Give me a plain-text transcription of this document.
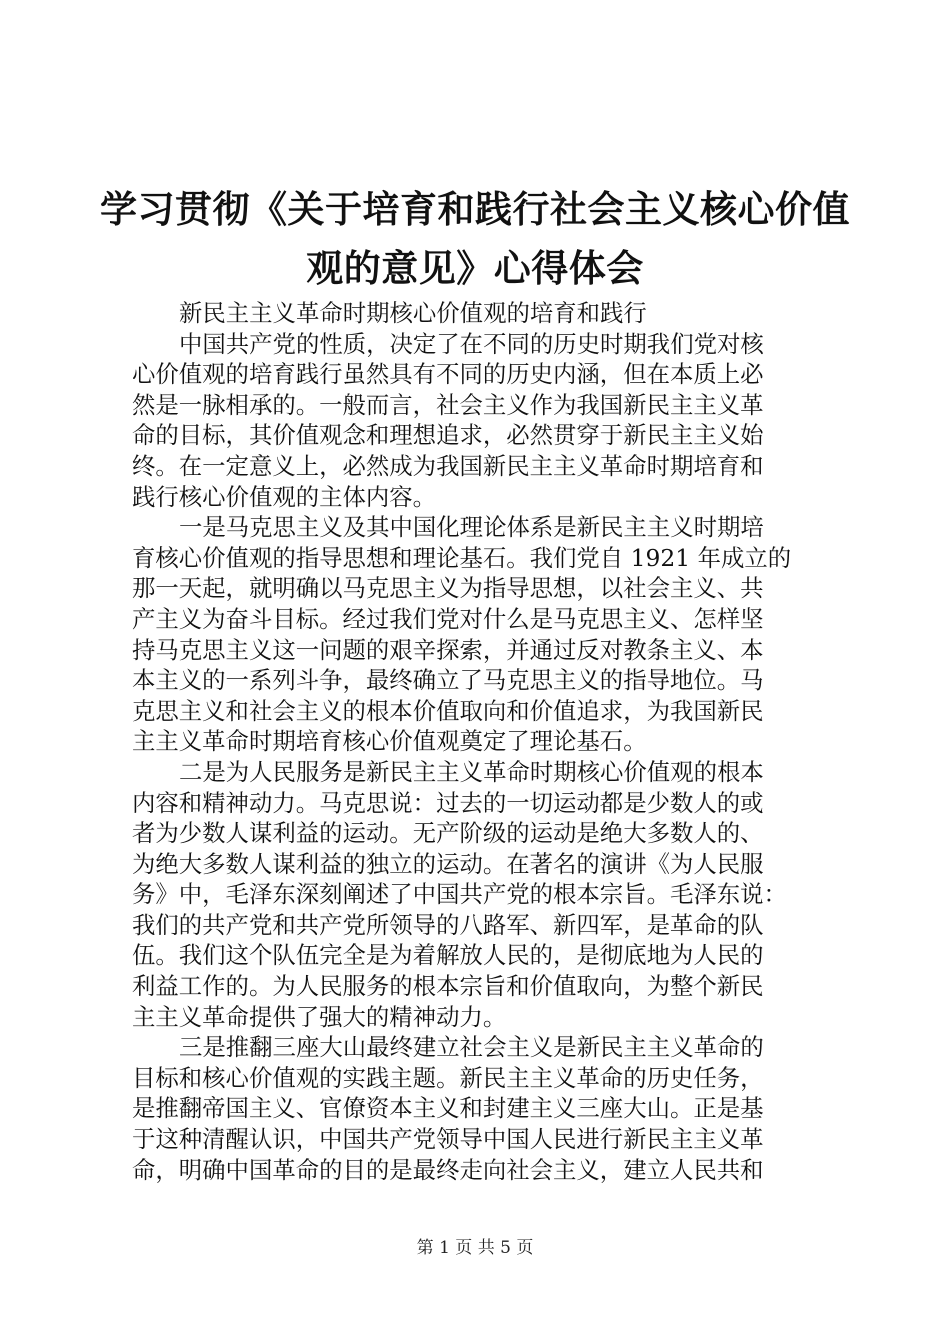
学习贯彻《关于培育和践行社会主义核心价值
观的意见》心得体会
新民主主义革命时期核心价值观的培育和践行
中国共产党的性质，决定了在不同的历史时期我们党对核
心价值观的培育践行虽然具有不同的历史内涵，但在本质上必
然是一脉相承的。一般而言，社会主义作为我国新民主主义革
命的目标，其价值观念和理想追求，必然贯穿于新民主主义始
终。在一定意义上，必然成为我国新民主主义革命时期培育和
践行核心价值观的主体内容。
一是马克思主义及其中国化理论体系是新民主主义时期培
育核心价值观的指导思想和理论基石。我们党自 1921 年成立的
那一天起，就明确以马克思主义为指导思想，以社会主义、共
产主义为奋斗目标。经过我们党对什么是马克思主义、怎样坚
持马克思主义这一问题的艰辛探索，并通过反对教条主义、本
本主义的一系列斗争，最终确立了马克思主义的指导地位。马
克思主义和社会主义的根本价值取向和价值追求，为我国新民
主主义革命时期培育核心价值观奠定了理论基石。
二是为人民服务是新民主主义革命时期核心价值观的根本
内容和精神动力。马克思说：过去的一切运动都是少数人的或
者为少数人谋利益的运动。无产阶级的运动是绝大多数人的、
为绝大多数人谋利益的独立的运动。在著名的演讲《为人民服
务》中，毛泽东深刻阐述了中国共产党的根本宗旨。毛泽东说：
我们的共产党和共产党所领导的八路军、新四军，是革命的队
伍。我们这个队伍完全是为着解放人民的，是彻底地为人民的
利益工作的。为人民服务的根本宗旨和价值取向，为整个新民
主主义革命提供了强大的精神动力。
三是推翻三座大山最终建立社会主义是新民主主义革命的
目标和核心价值观的实践主题。新民主主义革命的历史任务，
是推翻帝国主义、官僚资本主义和封建主义三座大山。正是基
于这种清醒认识，中国共产党领导中国人民进行新民主主义革
命，明确中国革命的目的是最终走向社会主义，建立人民共和
第 1 页 共 5 页
